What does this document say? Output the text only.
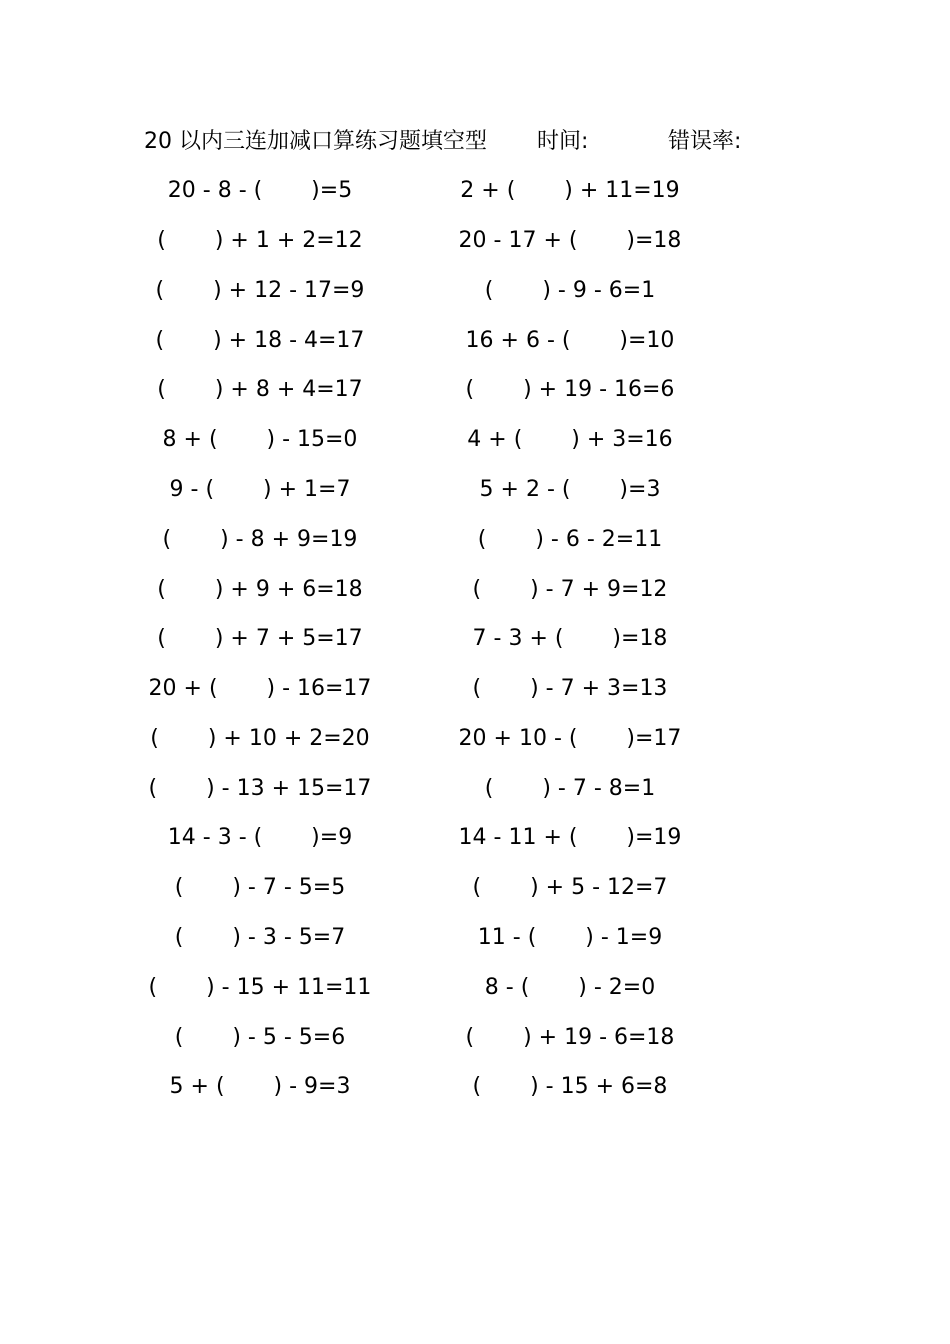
20 以内三连加减口算练习题填空型 时间:	错误率:
20 - 8 - (       )=5
(       ) + 1 + 2=12
(       ) + 12 - 17=9
(       ) + 18 - 4=17
(       ) + 8 + 4=17
8 + (       ) - 15=0
9 - (       ) + 1=7
(       ) - 8 + 9=19
(       ) + 9 + 6=18
(       ) + 7 + 5=17
20 + (       ) - 16=17
(       ) + 10 + 2=20
(       ) - 13 + 15=17
14 - 3 - (       )=9
(       ) - 7 - 5=5
(       ) - 3 - 5=7
(       ) - 15 + 11=11
(       ) - 5 - 5=6
5 + (       ) - 9=3
2 + (       ) + 11=19
20 - 17 + (       )=18
(       ) - 9 - 6=1
16 + 6 - (       )=10
(       ) + 19 - 16=6
4 + (       ) + 3=16
5 + 2 - (       )=3
(       ) - 6 - 2=11
(       ) - 7 + 9=12
7 - 3 + (       )=18
(       ) - 7 + 3=13
20 + 10 - (       )=17
(       ) - 7 - 8=1
14 - 11 + (       )=19
(       ) + 5 - 12=7
11 - (       ) - 1=9
8 - (       ) - 2=0
(       ) + 19 - 6=18
(       ) - 15 + 6=8
